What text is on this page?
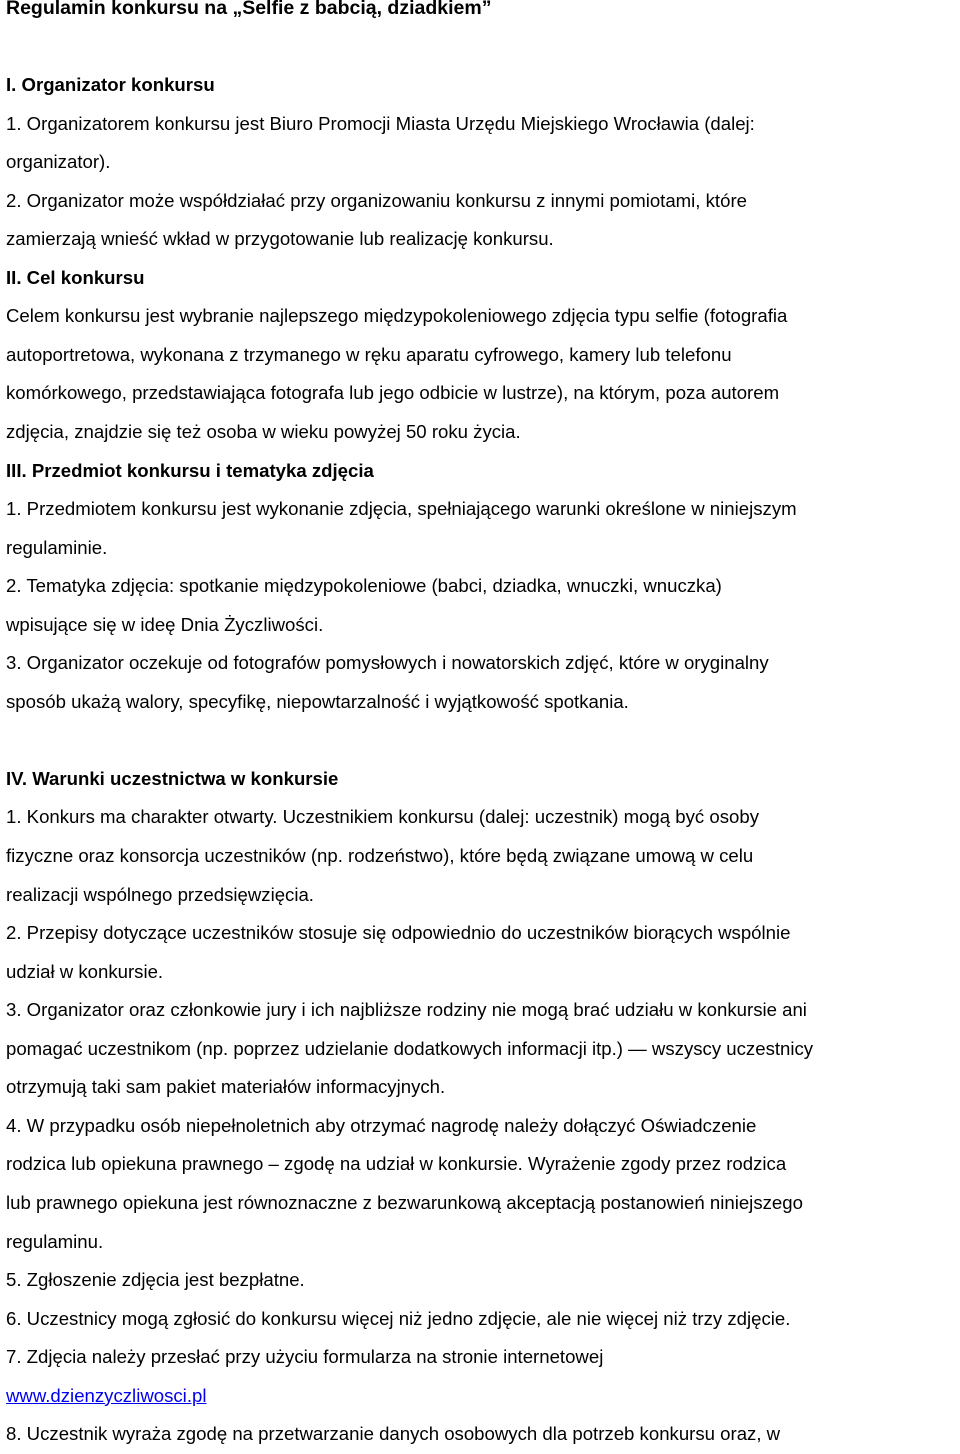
Regulamin konkursu na „Selfie z babcią, dziadkiem”
I. Organizator konkursu
1. Organizatorem konkursu jest Biuro Promocji Miasta Urzędu Miejskiego Wrocławia (dalej:
organizator).
2. Organizator może współdziałać przy organizowaniu konkursu z innymi pomiotami, które
zamierzają wnieść wkład w przygotowanie lub realizację konkursu.
II. Cel konkursu
Celem konkursu jest wybranie najlepszego międzypokoleniowego zdjęcia typu selfie (fotografia
autoportretowa, wykonana z trzymanego w ręku aparatu cyfrowego, kamery lub telefonu
komórkowego, przedstawiająca fotografa lub jego odbicie w lustrze), na którym, poza autorem
zdjęcia, znajdzie się też osoba w wieku powyżej 50 roku życia.
III. Przedmiot konkursu i tematyka zdjęcia
1. Przedmiotem konkursu jest wykonanie zdjęcia, spełniającego warunki określone w niniejszym
regulaminie.
2. Tematyka zdjęcia: spotkanie międzypokoleniowe (babci, dziadka, wnuczki, wnuczka)
wpisujące się w ideę Dnia Życzliwości.
3. Organizator oczekuje od fotografów pomysłowych i nowatorskich zdjęć, które w oryginalny
sposób ukażą walory, specyfikę, niepowtarzalność i wyjątkowość spotkania.
IV. Warunki uczestnictwa w konkursie
1. Konkurs ma charakter otwarty. Uczestnikiem konkursu (dalej: uczestnik) mogą być osoby
fizyczne oraz konsorcja uczestników (np. rodzeństwo), które będą związane umową w celu
realizacji wspólnego przedsięwzięcia.
2. Przepisy dotyczące uczestników stosuje się odpowiednio do uczestników biorących wspólnie
udział w konkursie.
3. Organizator oraz członkowie jury i ich najbliższe rodziny nie mogą brać udziału w konkursie ani
pomagać uczestnikom (np. poprzez udzielanie dodatkowych informacji itp.) — wszyscy uczestnicy
otrzymują taki sam pakiet materiałów informacyjnych.
4. W przypadku osób niepełnoletnich aby otrzymać nagrodę należy dołączyć Oświadczenie
rodzica lub opiekuna prawnego – zgodę na udział w konkursie. Wyrażenie zgody przez rodzica
lub prawnego opiekuna jest równoznaczne z bezwarunkową akceptacją postanowień niniejszego
regulaminu.
5. Zgłoszenie zdjęcia jest bezpłatne.
6. Uczestnicy mogą zgłosić do konkursu więcej niż jedno zdjęcie, ale nie więcej niż trzy zdjęcie.
7. Zdjęcia należy przesłać przy użyciu formularza na stronie internetowej
www.dzienzyczliwosci.pl
8. Uczestnik wyraża zgodę na przetwarzanie danych osobowych dla potrzeb konkursu oraz, w
